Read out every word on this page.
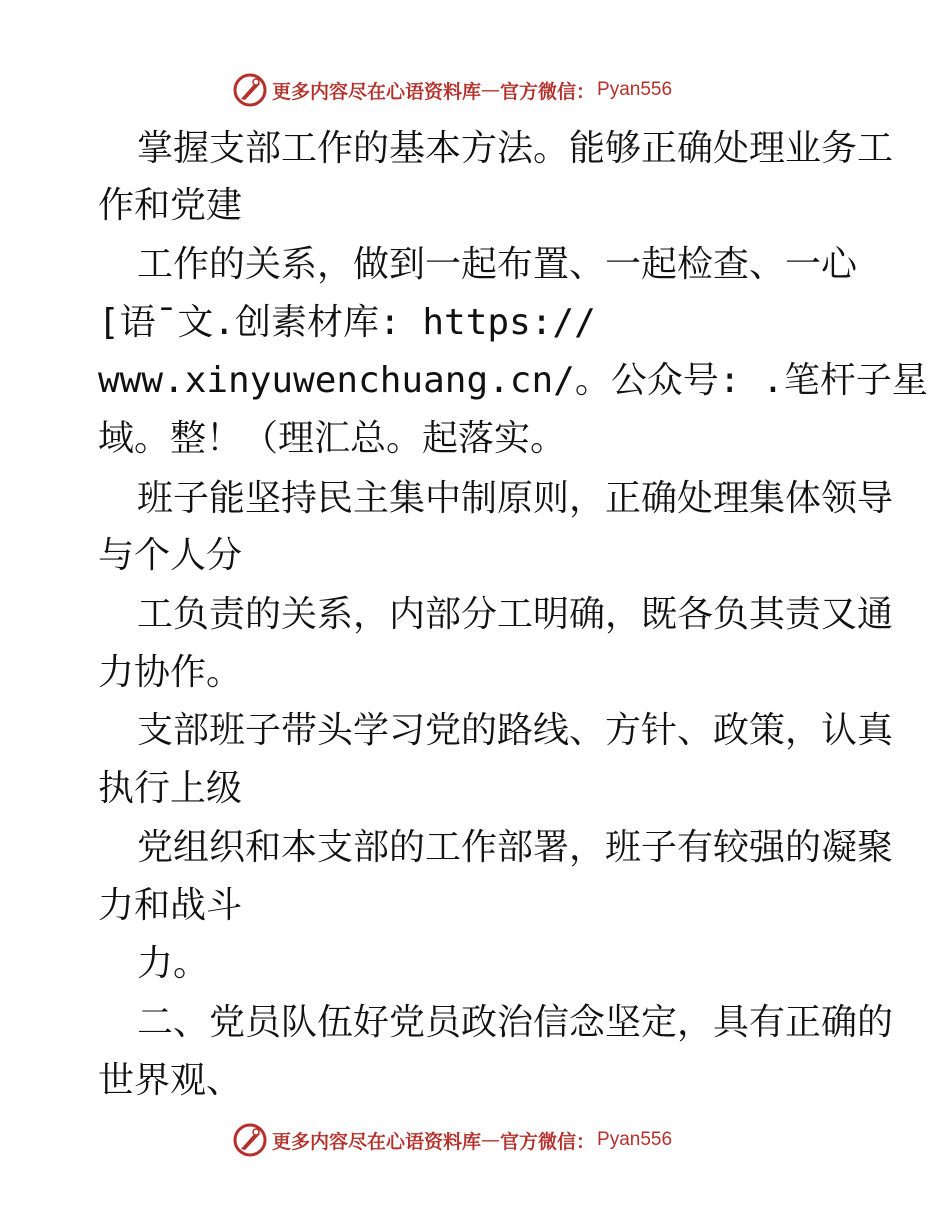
更多内容尽在心语资料库 — 官方微信： Pyan556
掌握支部工作的基本方法。能够正确处理业务工
作和党建
工作的关系，做到一起布置、一起检查、一心
[语¯文.创素材库: https://
www.xinyuwenchuang.cn/。公众号: .笔杆子星
域。整！（理汇总。起落实。
班子能坚持民主集中制原则，正确处理集体领导
与个人分
工负责的关系，内部分工明确，既各负其责又通
力协作。
支部班子带头学习党的路线、方针、政策，认真
执行上级
党组织和本支部的工作部署，班子有较强的凝聚
力和战斗
力。
二、党员队伍好党员政治信念坚定，具有正确的
世界观、
更多内容尽在心语资料库 — 官方微信： Pyan556
